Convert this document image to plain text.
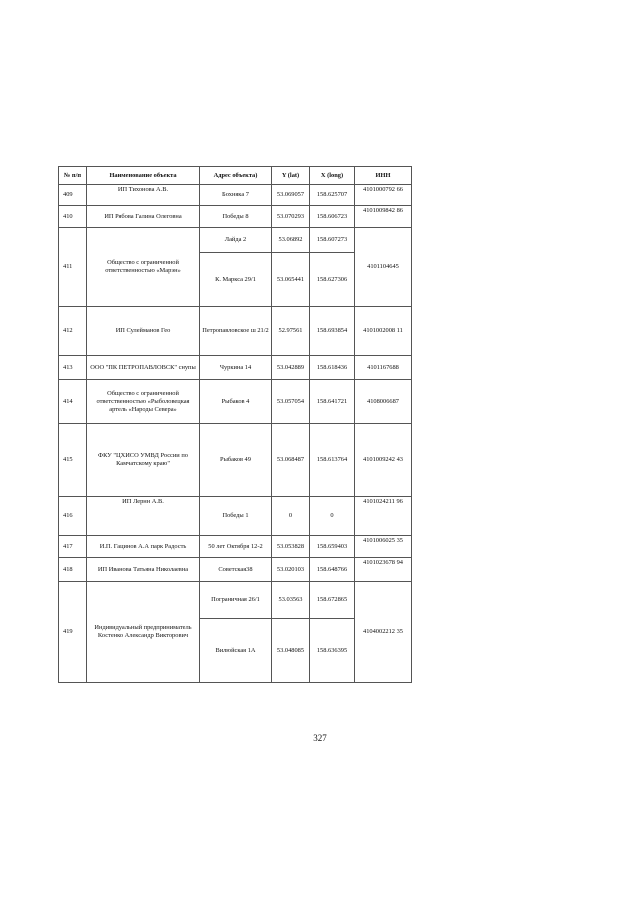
№ п/п	Наименование объекта	Адрес объекта)	Y (lat)	X (long)	ИНН
409	ИП Тихонова А.В.	Бохняка 7	53.069057	158.625707	4101000792 66
410	ИП Рябова Галина Олеговна	Победы 8	53.070293	158.606723	4101009842 86
411	Общество с ограниченной ответственностью «Марэн»	Лайда 2	53.06892	158.607273	4101104645
		К. Маркса 29/1	53.065441	158.627306	
412	ИП Сулейманов Гео	Петропавловское ш 21/2	52.97561	158.693854	4101002008 11
413	ООО "ПК ПЕТРОПАВЛОВСК" снупы	Чуркина 14	53.042889	158.618436	4101167688
414	Общество с ограниченной ответственностью «Рыболовецкая артель «Народы Севера»	Рыбаков 4	53.057054	158.641721	4108006687
415	ФКУ "ЦХИСО УМВД России по Камчатскому краю"	Рыбаков 49	53.068487	158.613764	4101009242 43
416	ИП Лернн А.В.	Победы 1	0	0	4101024211 96
417	И.П. Гацинов А.А парк Радость	50 лет Октября 12-2	53.053828	158.659403	4101006025 35
418	ИП Иванова Татьяна Николаевна	Советская38	53.020103	158.648766	4101023678 94
419	Индивидуальный предприниматель Костенко Александр Викторович	Пограничная 26/1	53.03563	158.672865	4104002212 35
		Вилюйская 1А	53.048085	158.636395	
327
